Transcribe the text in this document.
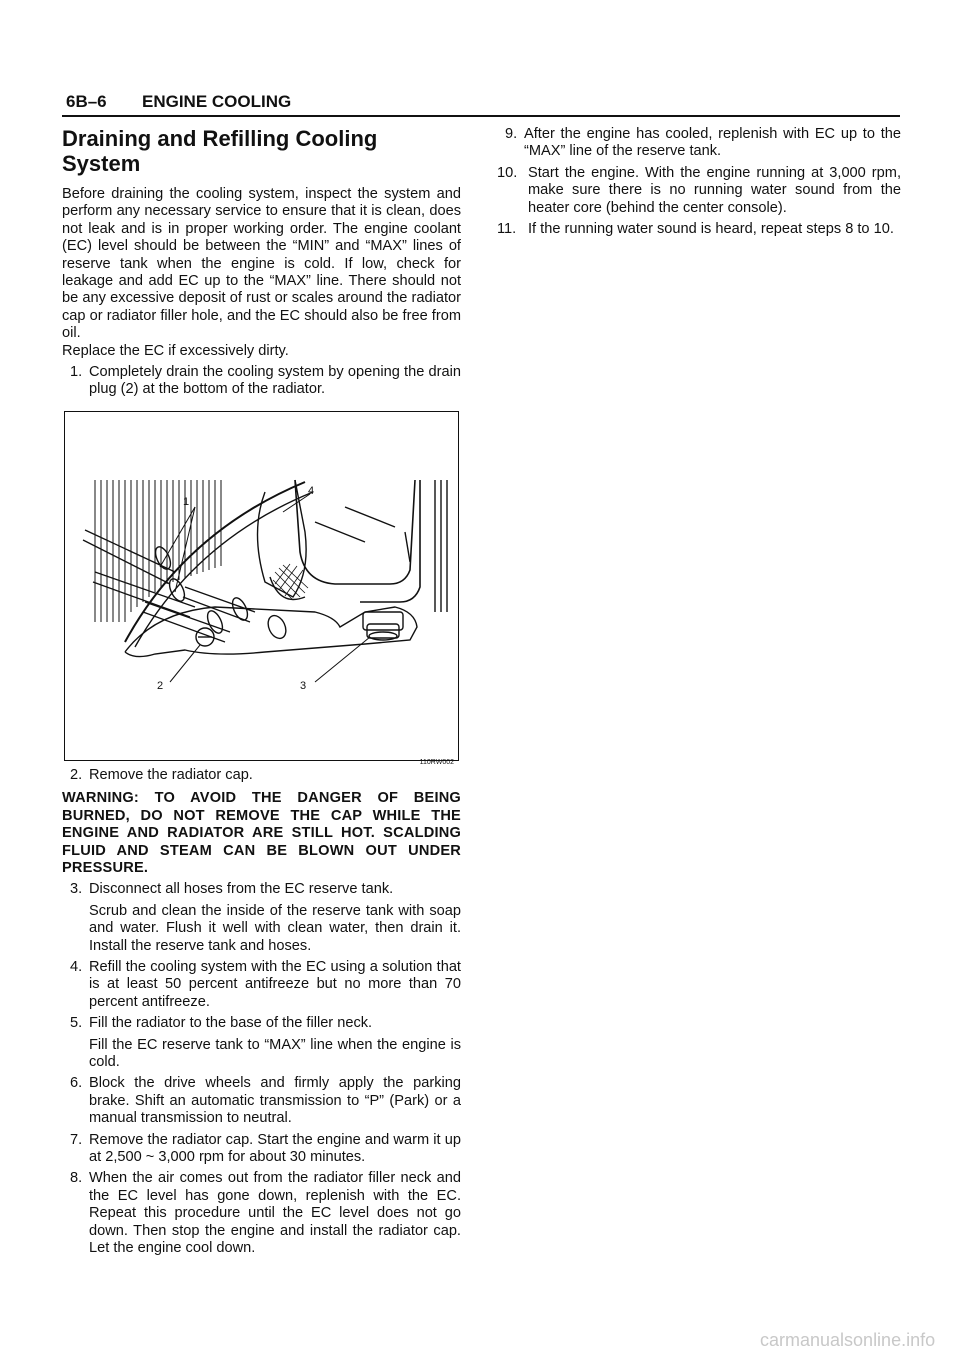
6B–6 ENGINE COOLING
Draining and Refilling Cooling System

Before draining the cooling system, inspect the system and perform any necessary service to ensure that it is clean, does not leak and is in proper working order. The engine coolant (EC) level should be between the “MIN” and “MAX” lines of reserve tank when the engine is cold. If low, check for leakage and add EC up to the “MAX” line. There should not be any excessive deposit of rust or scales around the radiator cap or radiator filler hole, and the EC should also be free from oil.

Replace the EC if excessively dirty.

1. Completely drain the cooling system by opening the drain plug (2) at the bottom of the radiator.
1
4
2	3
110RW002
2. Remove the radiator cap.

WARNING: TO AVOID THE DANGER OF BEING BURNED, DO NOT REMOVE THE CAP WHILE THE ENGINE AND RADIATOR ARE STILL HOT. SCALDING FLUID AND STEAM CAN BE BLOWN OUT UNDER PRESSURE.

3. Disconnect all hoses from the EC reserve tank.

Scrub and clean the inside of the reserve tank with soap and water. Flush it well with clean water, then drain it. Install the reserve tank and hoses.

4. Refill the cooling system with the EC using a solution that is at least 50 percent antifreeze but no more than 70 percent antifreeze.
5. Fill the radiator to the base of the filler neck.

Fill the EC reserve tank to “MAX” line when the engine is cold.

6. Block the drive wheels and firmly apply the parking brake. Shift an automatic transmission to “P” (Park) or a manual transmission to neutral.
7. Remove the radiator cap. Start the engine and warm it up at 2,500 ~ 3,000 rpm for about 30 minutes.
8. When the air comes out from the radiator filler neck and the EC level has gone down, replenish with the EC. Repeat this procedure until the EC level does not go down. Then stop the engine and install the radiator cap. Let the engine cool down.
9. After the engine has cooled, replenish with EC up to the “MAX” line of the reserve tank.
10. Start the engine. With the engine running at 3,000 rpm, make sure there is no running water sound from the heater core (behind the center console).
11. If the running water sound is heard, repeat steps 8 to 10.
carmanualsonline.info
